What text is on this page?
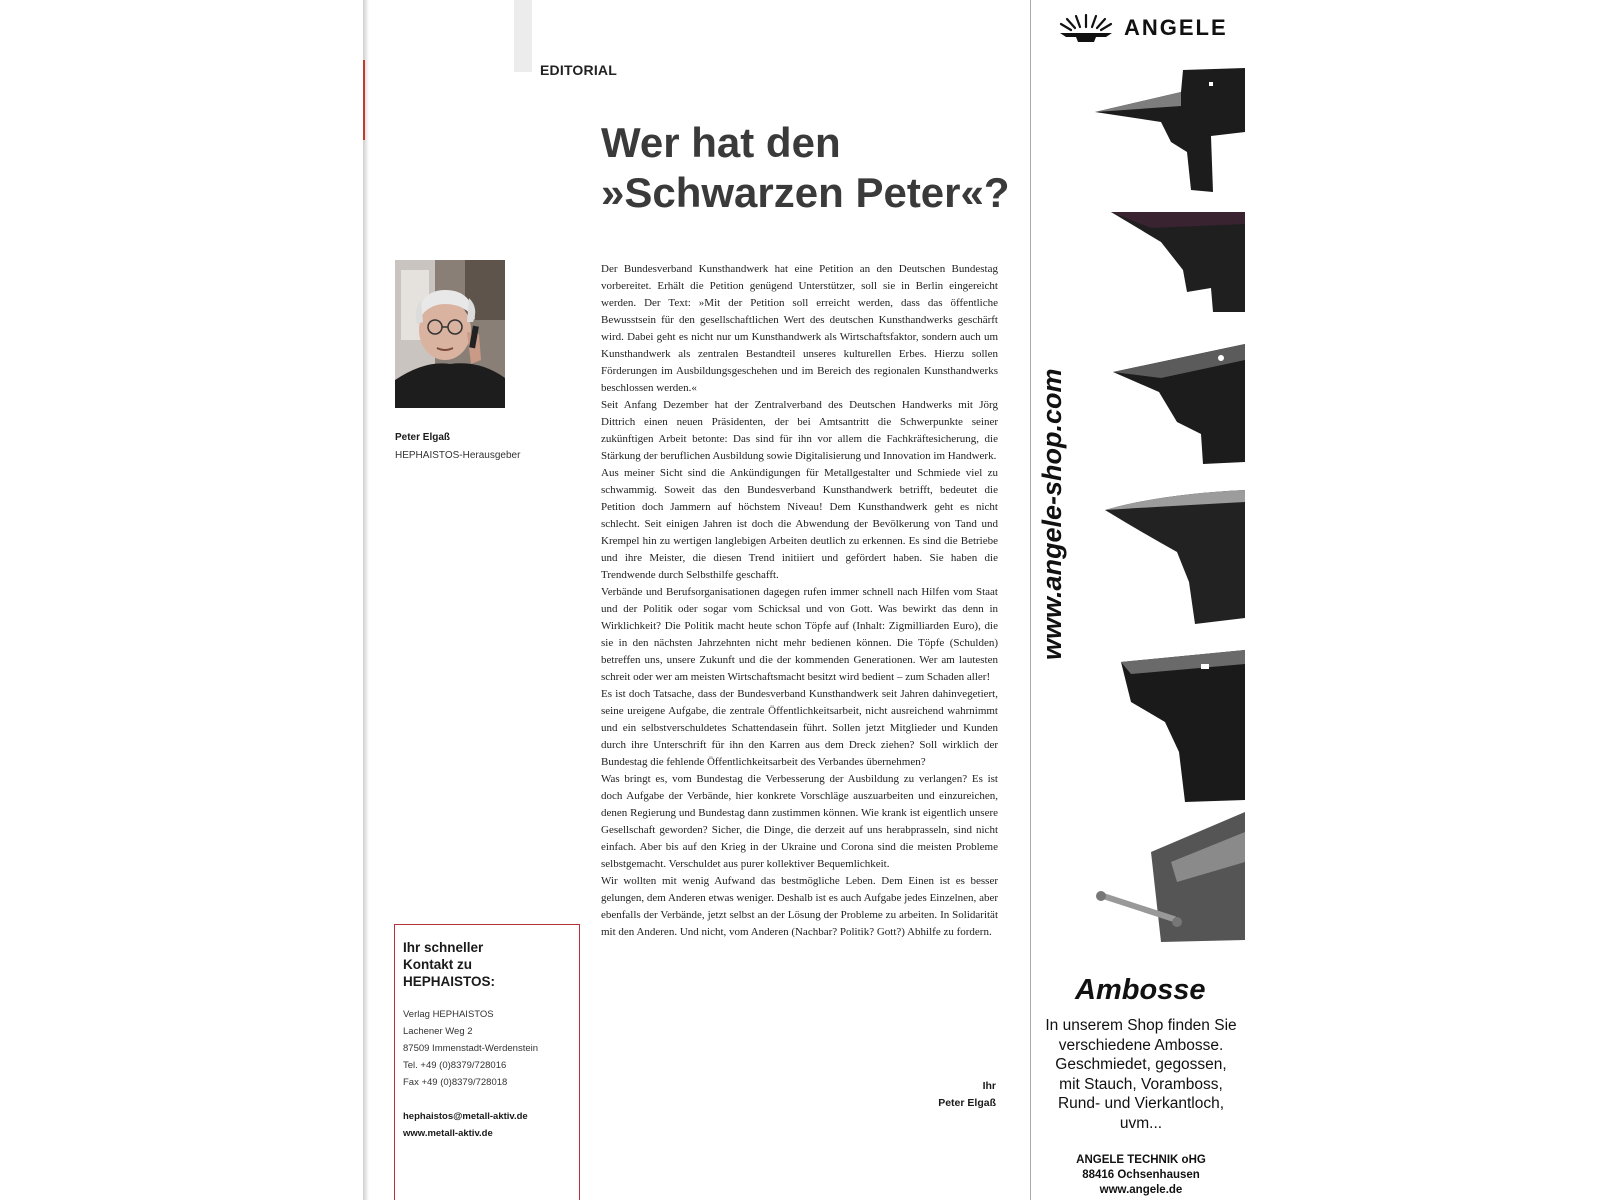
EDITORIAL
Wer hat den
»Schwarzen Peter«?
Peter Elgaß
HEPHAISTOS-Herausgeber
Ihr schneller
Kontakt zu
HEPHAISTOS:
Verlag HEPHAISTOS
Lachener Weg 2
87509 Immenstadt-Werdenstein
Tel. +49 (0)8379/728016
Fax +49 (0)8379/728018
hephaistos@metall-aktiv.de
www.metall-aktiv.de

Der Bundesverband Kunsthandwerk hat eine Petition an den Deutschen Bundestag vorbereitet. Erhält die Petition genügend Unterstützer, soll sie in Berlin eingereicht werden. Der Text: »Mit der Petition soll erreicht werden, dass das öffentliche Bewusstsein für den gesellschaftlichen Wert des deutschen Kunsthandwerks geschärft wird. Dabei geht es nicht nur um Kunsthandwerk als Wirtschaftsfaktor, sondern auch um Kunsthandwerk als zentralen Bestandteil unseres kulturellen Erbes. Hierzu sollen Förderungen im Ausbildungsgeschehen und im Bereich des regionalen Kunsthandwerks beschlossen werden.«

Seit Anfang Dezember hat der Zentralverband des Deutschen Handwerks mit Jörg Dittrich einen neuen Präsidenten, der bei Amtsantritt die Schwerpunkte seiner zukünftigen Arbeit betonte: Das sind für ihn vor allem die Fachkräftesicherung, die Stärkung der beruflichen Ausbildung sowie Digitalisierung und Innovation im Handwerk.

Aus meiner Sicht sind die Ankündigungen für Metallgestalter und Schmiede viel zu schwammig. Soweit das den Bundesverband Kunsthandwerk betrifft, bedeutet die Petition doch Jammern auf höchstem Niveau! Dem Kunsthandwerk geht es nicht schlecht. Seit einigen Jahren ist doch die Abwendung der Bevölkerung von Tand und Krempel hin zu wertigen langlebigen Arbeiten deutlich zu erkennen. Es sind die Betriebe und ihre Meister, die diesen Trend initiiert und gefördert haben. Sie haben die Trendwende durch Selbsthilfe geschafft.

Verbände und Berufsorganisationen dagegen rufen immer schnell nach Hilfen vom Staat und der Politik oder sogar vom Schicksal und von Gott. Was bewirkt das denn in Wirklichkeit? Die Politik macht heute schon Töpfe auf (Inhalt: Zigmilliarden Euro), die sie in den nächsten Jahrzehnten nicht mehr bedienen können. Die Töpfe (Schulden) betreffen uns, unsere Zukunft und die der kommenden Generationen. Wer am lautesten schreit oder wer am meisten Wirtschaftsmacht besitzt wird bedient – zum Schaden aller!

Es ist doch Tatsache, dass der Bundesverband Kunsthandwerk seit Jahren dahinvegetiert, seine ureigene Aufgabe, die zentrale Öffentlichkeitsarbeit, nicht ausreichend wahrnimmt und ein selbstverschuldetes Schattendasein führt. Sollen jetzt Mitglieder und Kunden durch ihre Unterschrift für ihn den Karren aus dem Dreck ziehen? Soll wirklich der Bundestag die fehlende Öffentlichkeitsarbeit des Verbandes übernehmen?

Was bringt es, vom Bundestag die Verbesserung der Ausbildung zu verlangen? Es ist doch Aufgabe der Verbände, hier konkrete Vorschläge auszuarbeiten und einzureichen, denen Regierung und Bundestag dann zustimmen können. Wie krank ist eigentlich unsere Gesellschaft geworden? Sicher, die Dinge, die derzeit auf uns herabprasseln, sind nicht einfach. Aber bis auf den Krieg in der Ukraine und Corona sind die meisten Probleme selbstgemacht. Verschuldet aus purer kollektiver Bequemlichkeit.

Wir wollten mit wenig Aufwand das bestmögliche Leben. Dem Einen ist es besser gelungen, dem Anderen etwas weniger. Deshalb ist es auch Aufgabe jedes Einzelnen, aber ebenfalls der Verbände, jetzt selbst an der Lösung der Probleme zu arbeiten. In Solidarität mit den Anderen. Und nicht, vom Anderen (Nachbar? Politik? Gott?) Abhilfe zu fordern.

Ihr
Peter Elgaß
ANGELE
www.angele-shop.com
Ambosse
In unserem Shop finden Sie
verschiedene Ambosse.
Geschmiedet, gegossen,
mit Stauch, Voramboss,
Rund- und Vierkantloch,
uvm...
ANGELE TECHNIK oHG
88416 Ochsenhausen
www.angele.de
